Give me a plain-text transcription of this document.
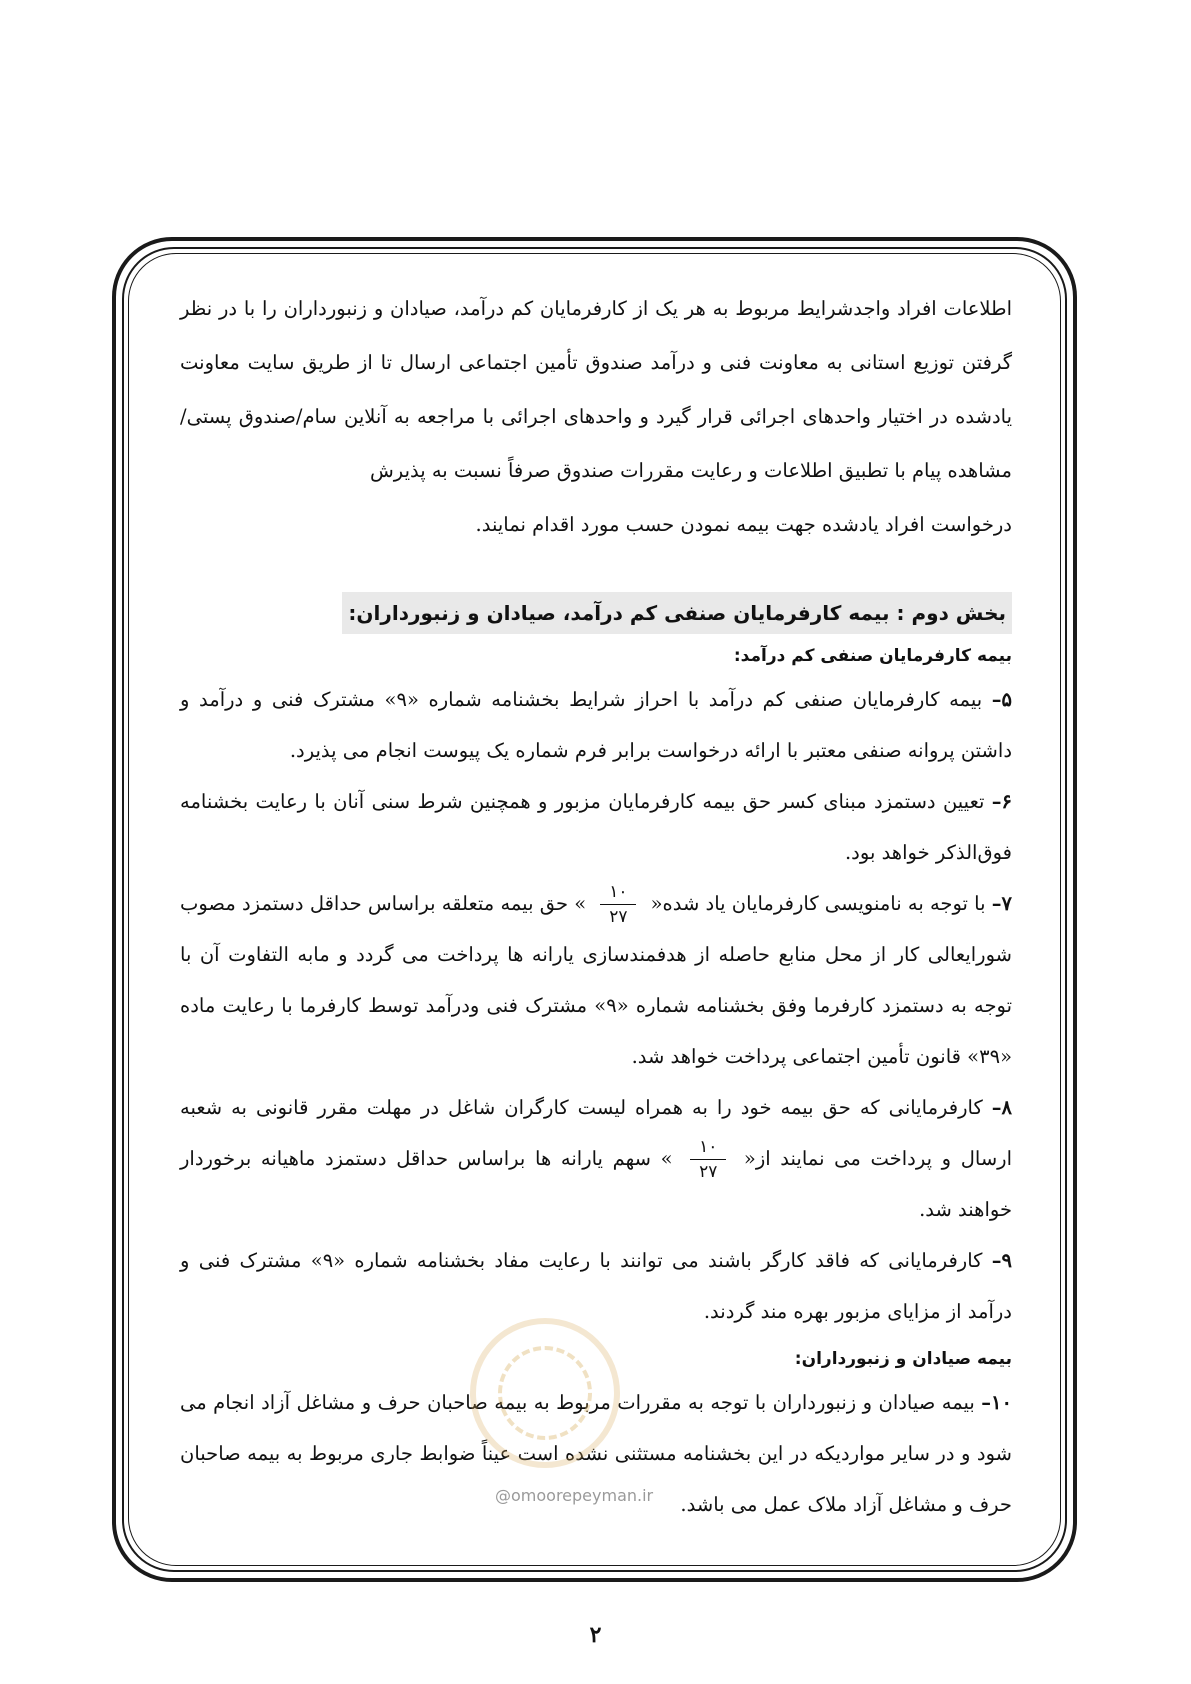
اطلاعات افراد واجدشرایط مربوط به هر یک از کارفرمایان کم درآمد، صیادان و زنبورداران را با در نظر گرفتن توزیع استانی به معاونت فنی و درآمد صندوق تأمین اجتماعی ارسال تا از طریق سایت معاونت یادشده در اختیار واحدهای اجرائی قرار گیرد و واحدهای اجرائی با مراجعه به آنلاین سام/صندوق پستی/مشاهده پیام با تطبیق اطلاعات و رعایت مقررات صندوق صرفاً نسبت به پذیرش

درخواست افراد یادشده جهت بیمه نمودن حسب مورد اقدام نمایند.

بخش دوم : بیمه کارفرمایان صنفی کم درآمد، صیادان و زنبورداران:

بیمه کارفرمایان صنفی کم درآمد:

۵– بیمه کارفرمایان صنفی کم درآمد با احراز شرایط بخشنامه شماره «۹» مشترک فنی و درآمد و داشتن پروانه صنفی معتبر با ارائه درخواست برابر فرم شماره یک پیوست انجام می پذیرد.

۶– تعیین دستمزد مبنای کسر حق بیمه کارفرمایان مزبور و همچنین شرط سنی آنان با رعایت بخشنامه فوق‌الذکر خواهد بود.

۷– با توجه به نامنویسی کارفرمایان یاد شده«
$\frac{۱۰}{۲۷}$
» حق بیمه متعلقه براساس حداقل دستمزد مصوب شورایعالی کار از محل منابع حاصله از هدفمندسازی یارانه ها پرداخت می گردد و مابه التفاوت آن با توجه به دستمزد کارفرما وفق بخشنامه شماره «۹» مشترک فنی ودرآمد توسط کارفرما با رعایت ماده «۳۹» قانون تأمین اجتماعی پرداخت خواهد شد.

۸– کارفرمایانی که حق بیمه خود را به همراه لیست کارگران شاغل در مهلت مقرر قانونی به شعبه ارسال و پرداخت می نمایند از«
$\frac{۱۰}{۲۷}$
» سهم یارانه ها براساس حداقل دستمزد ماهیانه برخوردار خواهند شد.

۹– کارفرمایانی که فاقد کارگر باشند می توانند با رعایت مفاد بخشنامه شماره «۹» مشترک فنی و درآمد از مزایای مزبور بهره مند گردند.

بیمه صیادان و زنبورداران:

۱۰– بیمه صیادان و زنبورداران با توجه به مقررات مربوط به بیمه صاحبان حرف و مشاغل آزاد انجام می شود و در سایر مواردیکه در این بخشنامه مستثنی نشده است عیناً ضوابط جاری مربوط به بیمه صاحبان حرف و مشاغل آزاد ملاک عمل می باشد.

@omoorepeyman.ir
۲
